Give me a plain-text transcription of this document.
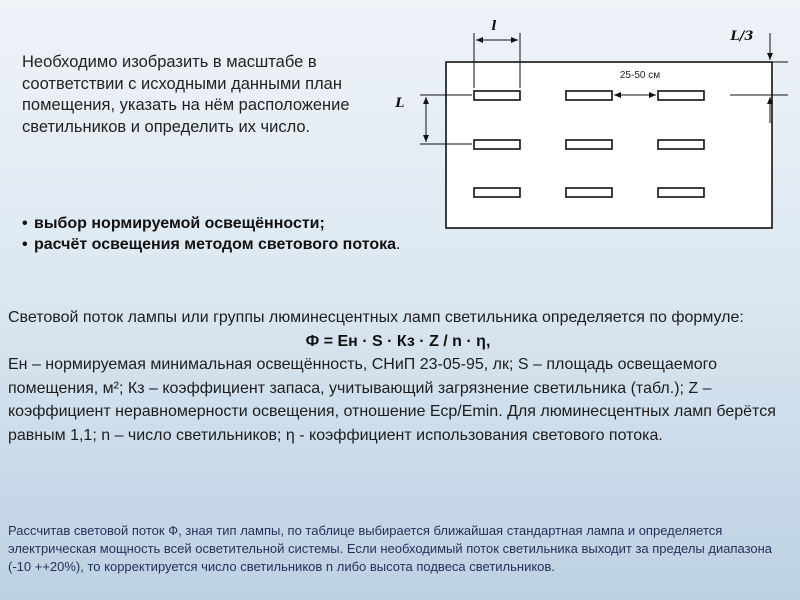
Необходимо изобразить в масштабе в соответствии с исходными данными план помещения, указать на нём расположение светильников и определить их число.
• выбор нормируемой освещённости;
• расчёт освещения методом светового потока.
l
L/3
L
25-50 см
Световой поток лампы или группы люминесцентных ламп светильника определяется по формуле:
Ф = Ен · S · Кз · Z / n · η,
Ен – нормируемая минимальная освещённость, СНиП 23-05-95, лк; S – площадь освещаемого помещения, м²; Кз – коэффициент запаса, учитывающий загрязнение светильника (табл.); Z – коэффициент неравномерности освещения, отношение Еср/Еmin. Для люминесцентных ламп берётся равным 1,1; n – число светильников; η - коэффициент использования светового потока.
Рассчитав световой поток Ф, зная тип лампы, по таблице выбирается ближайшая стандартная лампа и определяется электрическая мощность всей осветительной системы. Если необходимый поток светильника выходит за пределы диапазона (-10 ++20%), то корректируется число светильников n либо высота подвеса светильников.
